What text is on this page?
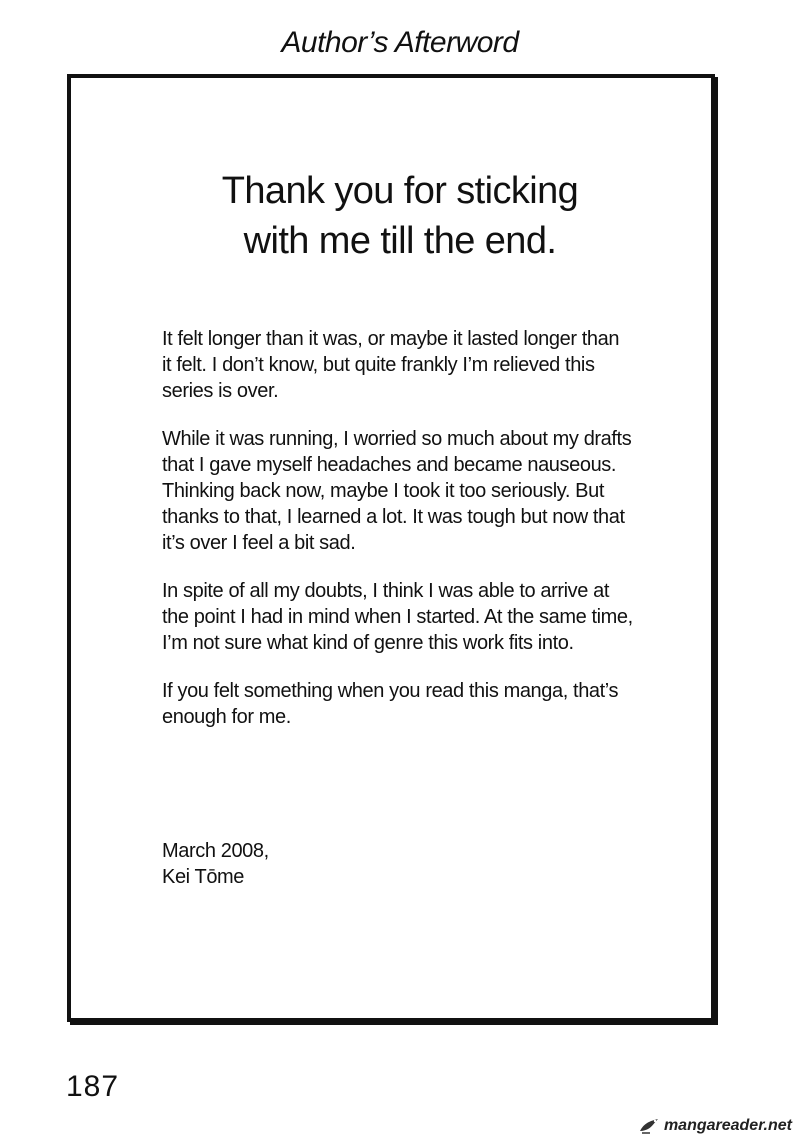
Author’s Afterword
Thank you for sticking
with me till the end.
It felt longer than it was, or maybe it lasted longer than
it felt. I don’t know, but quite frankly I’m relieved this
series is over.
While it was running, I worried so much about my drafts
that I gave myself headaches and became nauseous.
Thinking back now, maybe I took it too seriously. But
thanks to that, I learned a lot. It was tough but now that
it’s over I feel a bit sad.
In spite of all my doubts, I think I was able to arrive at
the point I had in mind when I started. At the same time,
I’m not sure what kind of genre this work fits into.
If you felt something when you read this manga, that’s
enough for me.
March 2008,
Kei Tōme
187
mangareader.net
